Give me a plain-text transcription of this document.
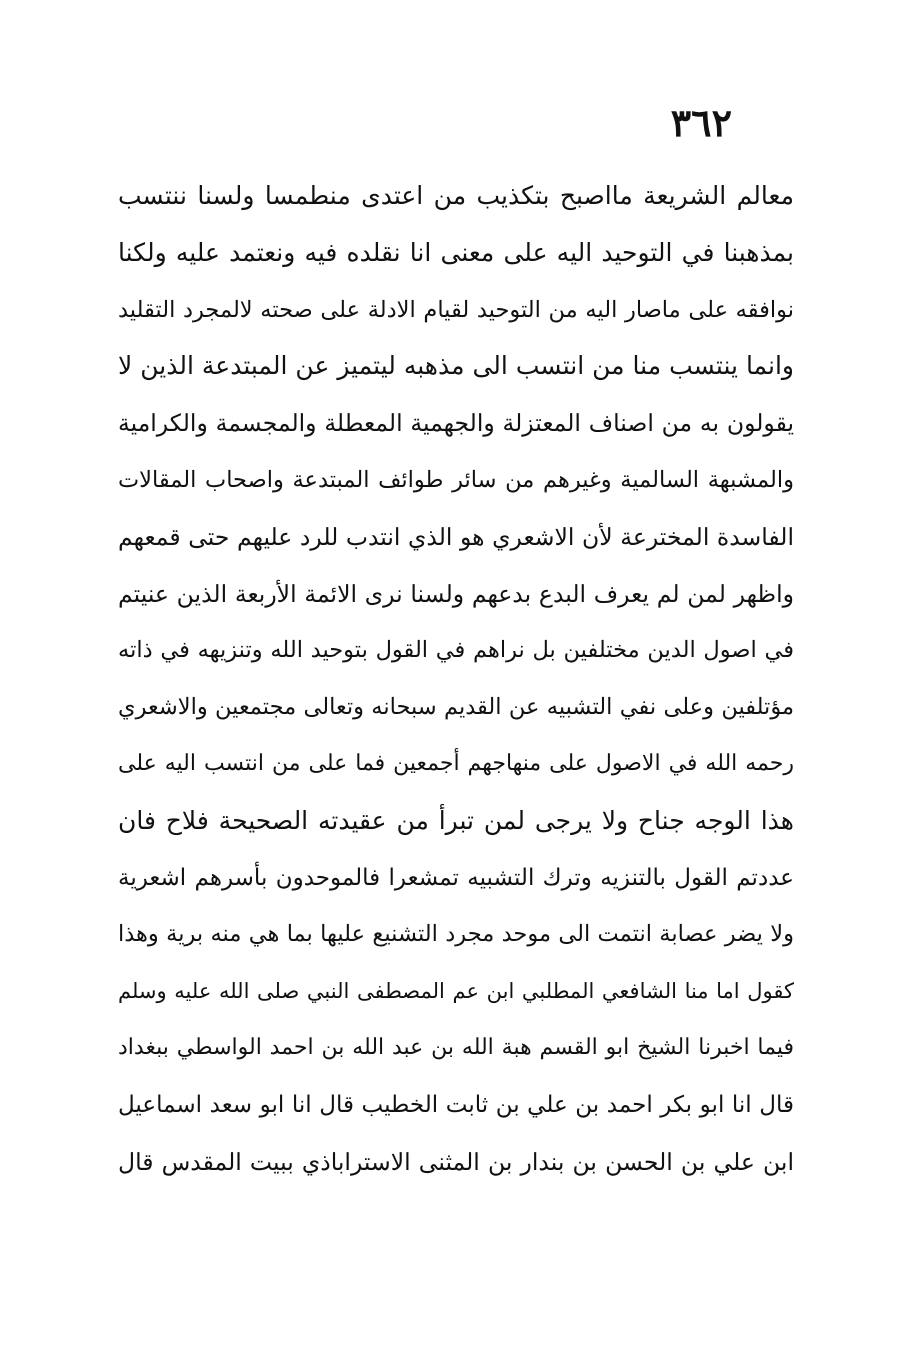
٣٦٢
معالم الشريعة مااصبح بتكذيب من اعتدى منطمسا ولسنا ننتسب
بمذهبنا في التوحيد اليه على معنى انا نقلده فيه ونعتمد عليه ولكنا
نوافقه على ماصار اليه من التوحيد لقيام الادلة على صحته لالمجرد التقليد
وانما ينتسب منا من انتسب الى مذهبه ليتميز عن المبتدعة الذين لا
يقولون به من اصناف المعتزلة والجهمية المعطلة والمجسمة والكرامية
والمشبهة السالمية وغيرهم من سائر طوائف المبتدعة واصحاب المقالات
الفاسدة المخترعة لأن الاشعري هو الذي انتدب للرد عليهم حتى قمعهم
واظهر لمن لم يعرف البدع بدعهم ولسنا نرى الائمة الأربعة الذين عنيتم
في اصول الدين مختلفين بل نراهم في القول بتوحيد الله وتنزيهه في ذاته
مؤتلفين وعلى نفي التشبيه عن القديم سبحانه وتعالى مجتمعين والاشعري
رحمه الله في الاصول على منهاجهم أجمعين فما على من انتسب اليه على
هذا الوجه جناح ولا يرجى لمن تبرأ من عقيدته الصحيحة فلاح فان
عددتم القول بالتنزيه وترك التشبيه تمشعرا فالموحدون بأسرهم اشعرية
ولا يضر عصابة انتمت الى موحد مجرد التشنيع عليها بما هي منه برية وهذا
كقول اما منا الشافعي المطلبي ابن عم المصطفى النبي صلى الله عليه وسلم
فيما اخبرنا الشيخ ابو القسم هبة الله بن عبد الله بن احمد الواسطي ببغداد
قال انا ابو بكر احمد بن علي بن ثابت الخطيب قال انا ابو سعد اسماعيل
ابن علي بن الحسن بن بندار بن المثنى الاستراباذي ببيت المقدس قال
